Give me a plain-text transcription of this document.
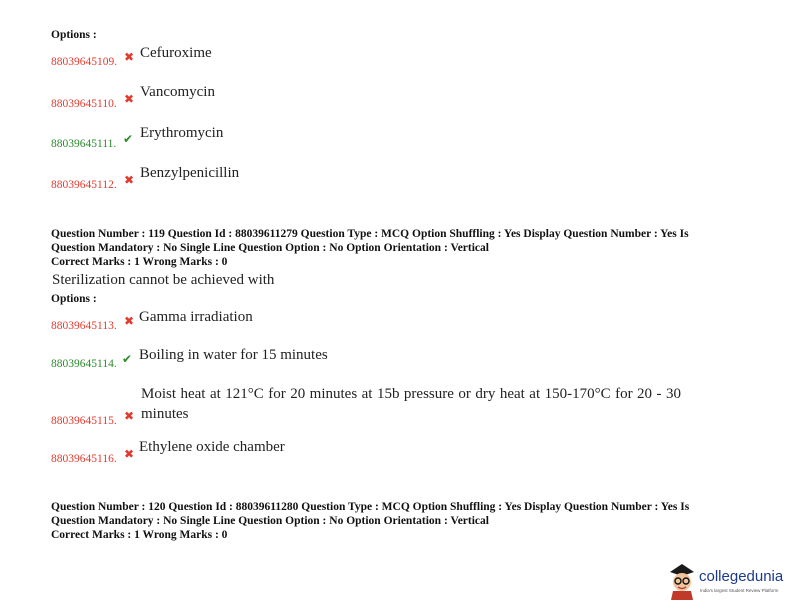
Options :
88039645109. ✖ Cefuroxime
88039645110. ✖ Vancomycin
88039645111. ✔ Erythromycin
88039645112. ✖ Benzylpenicillin
Question Number : 119 Question Id : 88039611279 Question Type : MCQ Option Shuffling : Yes Display Question Number : Yes Is
Question Mandatory : No Single Line Question Option : No Option Orientation : Vertical
Correct Marks : 1 Wrong Marks : 0
Sterilization cannot be achieved with
Options :
88039645113. ✖ Gamma irradiation
88039645114. ✔ Boiling in water for 15 minutes
88039645115. ✖
Moist heat at 121°C for 20 minutes at 15b pressure or dry heat at 150-170°C for 20 - 30 minutes
88039645116. ✖ Ethylene oxide chamber
Question Number : 120 Question Id : 88039611280 Question Type : MCQ Option Shuffling : Yes Display Question Number : Yes Is
Question Mandatory : No Single Line Question Option : No Option Orientation : Vertical
Correct Marks : 1 Wrong Marks : 0
collegedunia
India's largest Student Review Platform
